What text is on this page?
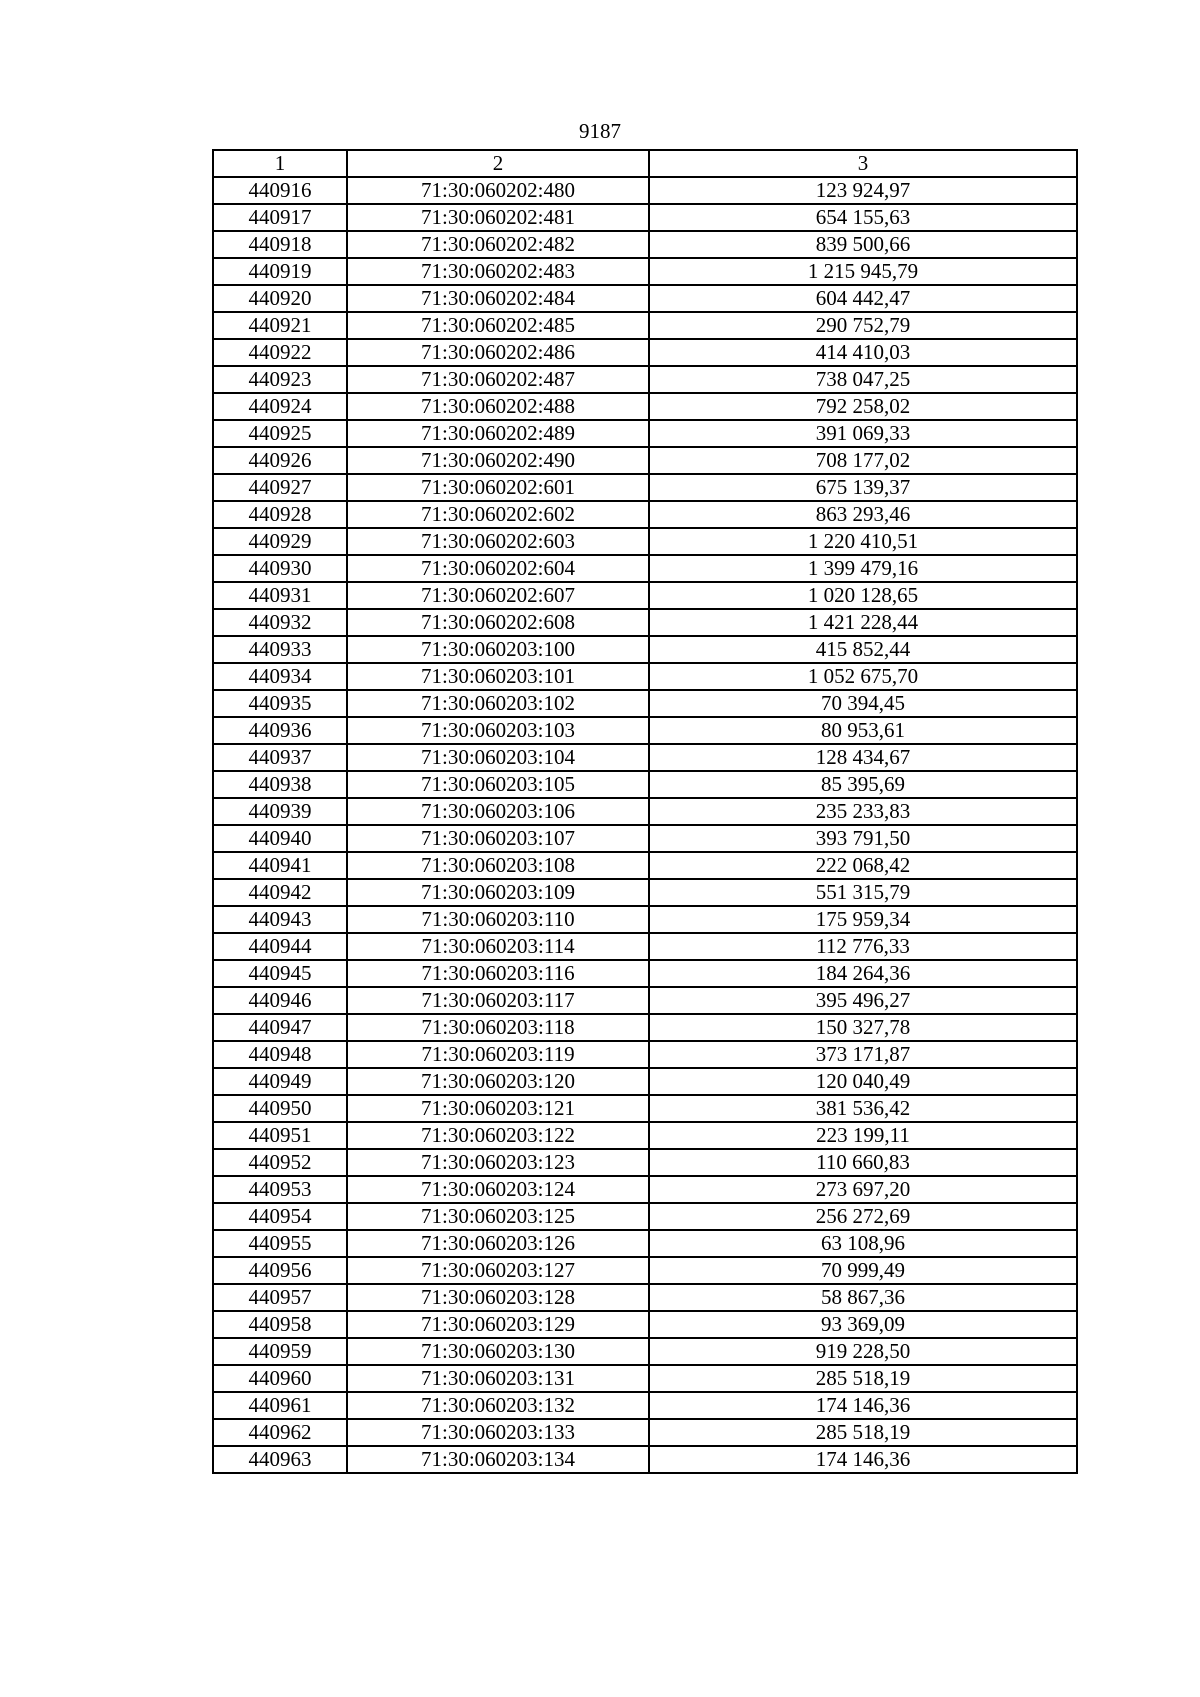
9187
1	2	3
440916	71:30:060202:480	123 924,97
440917	71:30:060202:481	654 155,63
440918	71:30:060202:482	839 500,66
440919	71:30:060202:483	1 215 945,79
440920	71:30:060202:484	604 442,47
440921	71:30:060202:485	290 752,79
440922	71:30:060202:486	414 410,03
440923	71:30:060202:487	738 047,25
440924	71:30:060202:488	792 258,02
440925	71:30:060202:489	391 069,33
440926	71:30:060202:490	708 177,02
440927	71:30:060202:601	675 139,37
440928	71:30:060202:602	863 293,46
440929	71:30:060202:603	1 220 410,51
440930	71:30:060202:604	1 399 479,16
440931	71:30:060202:607	1 020 128,65
440932	71:30:060202:608	1 421 228,44
440933	71:30:060203:100	415 852,44
440934	71:30:060203:101	1 052 675,70
440935	71:30:060203:102	70 394,45
440936	71:30:060203:103	80 953,61
440937	71:30:060203:104	128 434,67
440938	71:30:060203:105	85 395,69
440939	71:30:060203:106	235 233,83
440940	71:30:060203:107	393 791,50
440941	71:30:060203:108	222 068,42
440942	71:30:060203:109	551 315,79
440943	71:30:060203:110	175 959,34
440944	71:30:060203:114	112 776,33
440945	71:30:060203:116	184 264,36
440946	71:30:060203:117	395 496,27
440947	71:30:060203:118	150 327,78
440948	71:30:060203:119	373 171,87
440949	71:30:060203:120	120 040,49
440950	71:30:060203:121	381 536,42
440951	71:30:060203:122	223 199,11
440952	71:30:060203:123	110 660,83
440953	71:30:060203:124	273 697,20
440954	71:30:060203:125	256 272,69
440955	71:30:060203:126	63 108,96
440956	71:30:060203:127	70 999,49
440957	71:30:060203:128	58 867,36
440958	71:30:060203:129	93 369,09
440959	71:30:060203:130	919 228,50
440960	71:30:060203:131	285 518,19
440961	71:30:060203:132	174 146,36
440962	71:30:060203:133	285 518,19
440963	71:30:060203:134	174 146,36
